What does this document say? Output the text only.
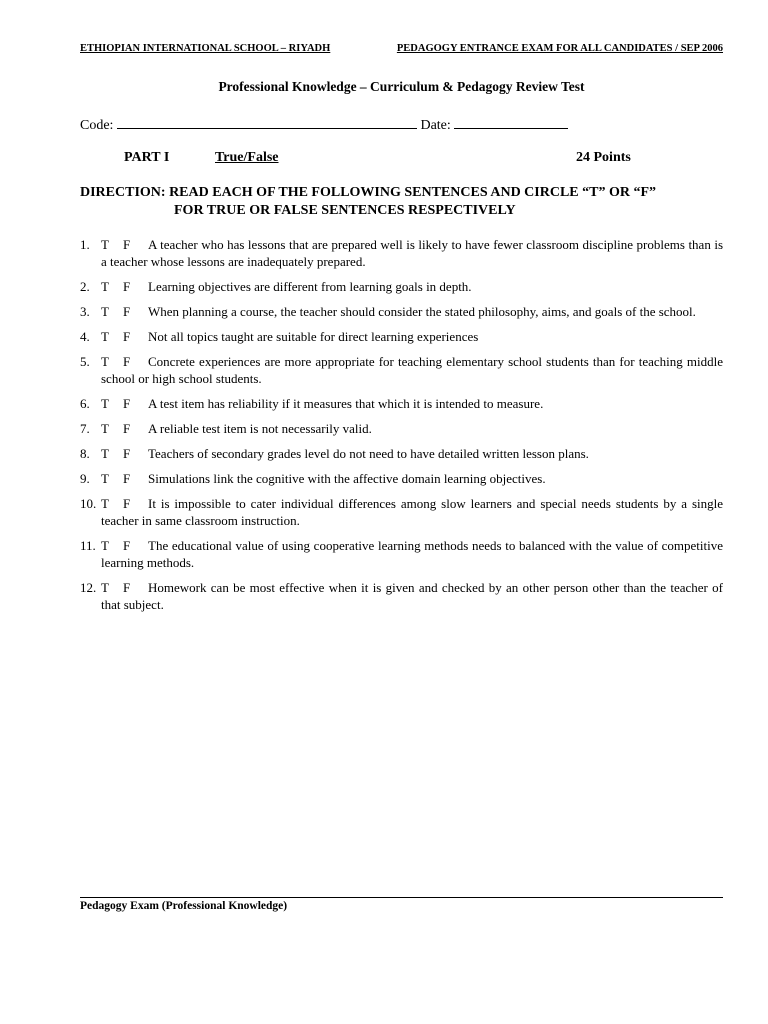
ETHIOPIAN INTERNATIONAL SCHOOL – RIYADH	PEDAGOGY ENTRANCE EXAM FOR ALL CANDIDATES / SEP 2006
Professional Knowledge – Curriculum & Pedagogy Review Test
Code:	Date:
PART I	True/False	24 Points
DIRECTION: READ EACH OF THE FOLLOWING SENTENCES AND CIRCLE “T” OR “F”
FOR TRUE OR FALSE SENTENCES RESPECTIVELY
1. T F A teacher who has lessons that are prepared well is likely to have fewer classroom discipline problems than is a teacher whose lessons are inadequately prepared.
2. T F Learning objectives are different from learning goals in depth.
3. T F When planning a course, the teacher should consider the stated philosophy, aims, and goals of the school.
4. T F Not all topics taught are suitable for direct learning experiences
5. T F Concrete experiences are more appropriate for teaching elementary school students than for teaching middle school or high school students.
6. T F A test item has reliability if it measures that which it is intended to measure.
7. T F A reliable test item is not necessarily valid.
8. T F Teachers of secondary grades level do not need to have detailed written lesson plans.
9. T F Simulations link the cognitive with the affective domain learning objectives.
10. T F It is impossible to cater individual differences among slow learners and special needs students by a single teacher in same classroom instruction.
11. T F The educational value of using cooperative learning methods needs to balanced with the value of competitive learning methods.
12. T F Homework can be most effective when it is given and checked by an other person other than the teacher of that subject.
Pedagogy Exam (Professional Knowledge)
